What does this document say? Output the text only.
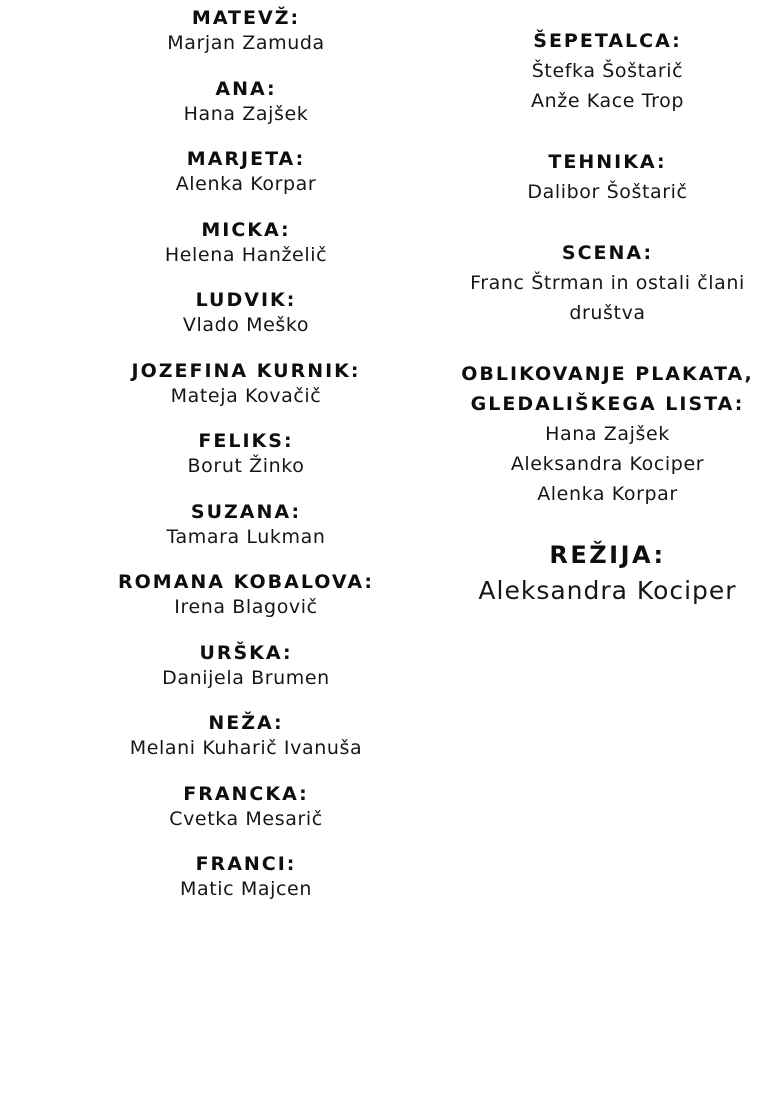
MATEVŽ:

Marjan Zamuda

ANA:

Hana Zajšek

MARJETA:

Alenka Korpar

MICKA:

Helena Hanželič

LUDVIK:

Vlado Meško

JOZEFINA KURNIK:

Mateja Kovačič

FELIKS:

Borut Žinko

SUZANA:

Tamara Lukman

ROMANA KOBALOVA:

Irena Blagovič

URŠKA:

Danijela Brumen

NEŽA:

Melani Kuharič Ivanuša

FRANCKA:

Cvetka Mesarič

FRANCI:

Matic Majcen

ŠEPETALCA:

Štefka Šoštarič

Anže Kace Trop

TEHNIKA:

Dalibor Šoštarič

SCENA:

Franc Štrman in ostali člani društva

OBLIKOVANJE PLAKATA, GLEDALIŠKEGA LISTA:

Hana Zajšek

Aleksandra Kociper

Alenka Korpar

REŽIJA:

Aleksandra Kociper
